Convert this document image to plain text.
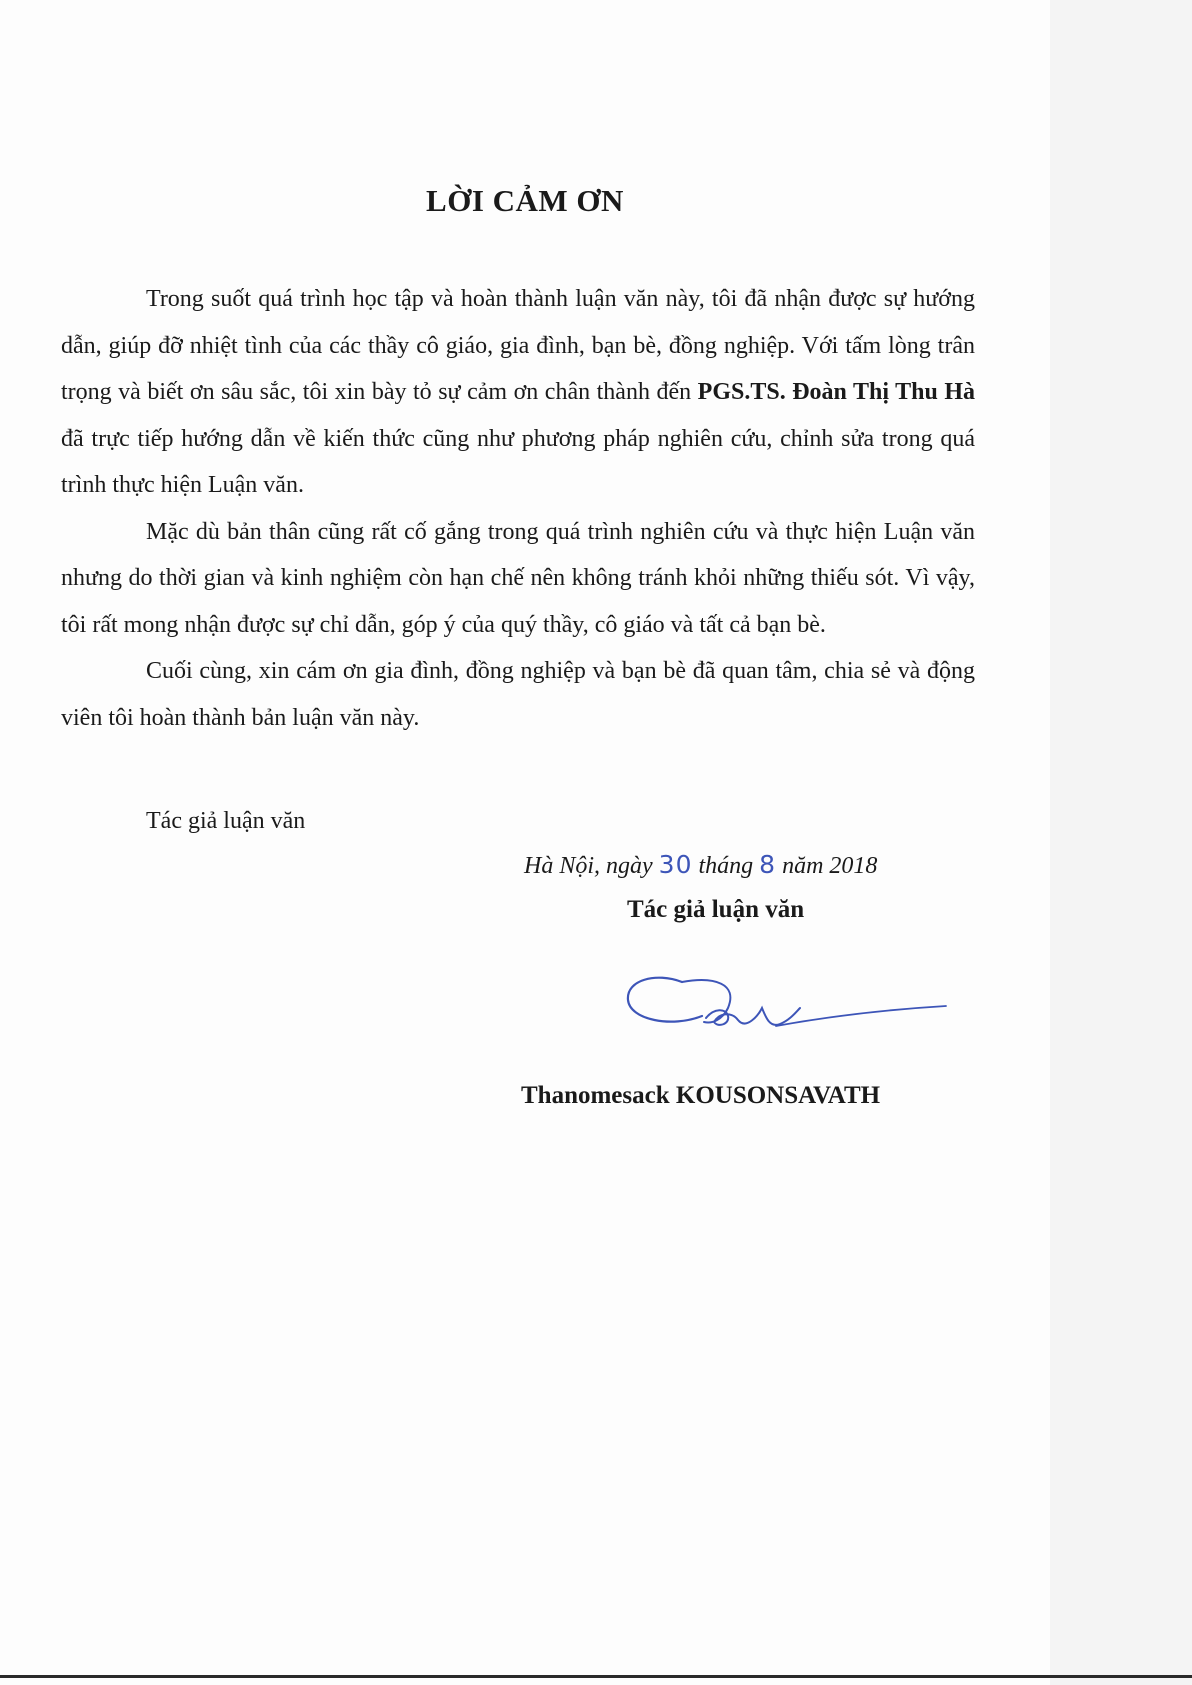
LỜI CẢM ƠN

Trong suốt quá trình học tập và hoàn thành luận văn này, tôi đã nhận được sự hướng dẫn, giúp đỡ nhiệt tình của các thầy cô giáo, gia đình, bạn bè, đồng nghiệp. Với tấm lòng trân trọng và biết ơn sâu sắc, tôi xin bày tỏ sự cảm ơn chân thành đến PGS.TS. Đoàn Thị Thu Hà đã trực tiếp hướng dẫn về kiến thức cũng như phương pháp nghiên cứu, chỉnh sửa trong quá trình thực hiện Luận văn.

Mặc dù bản thân cũng rất cố gắng trong quá trình nghiên cứu và thực hiện Luận văn nhưng do thời gian và kinh nghiệm còn hạn chế nên không tránh khỏi những thiếu sót. Vì vậy, tôi rất mong nhận được sự chỉ dẫn, góp ý của quý thầy, cô giáo và tất cả bạn bè.

Cuối cùng, xin cám ơn gia đình, đồng nghiệp và bạn bè đã quan tâm, chia sẻ và động viên tôi hoàn thành bản luận văn này.

Tác giả luận văn
Hà Nội, ngày 30 tháng 8 năm 2018
Tác giả luận văn
Thanomesack KOUSONSAVATH
